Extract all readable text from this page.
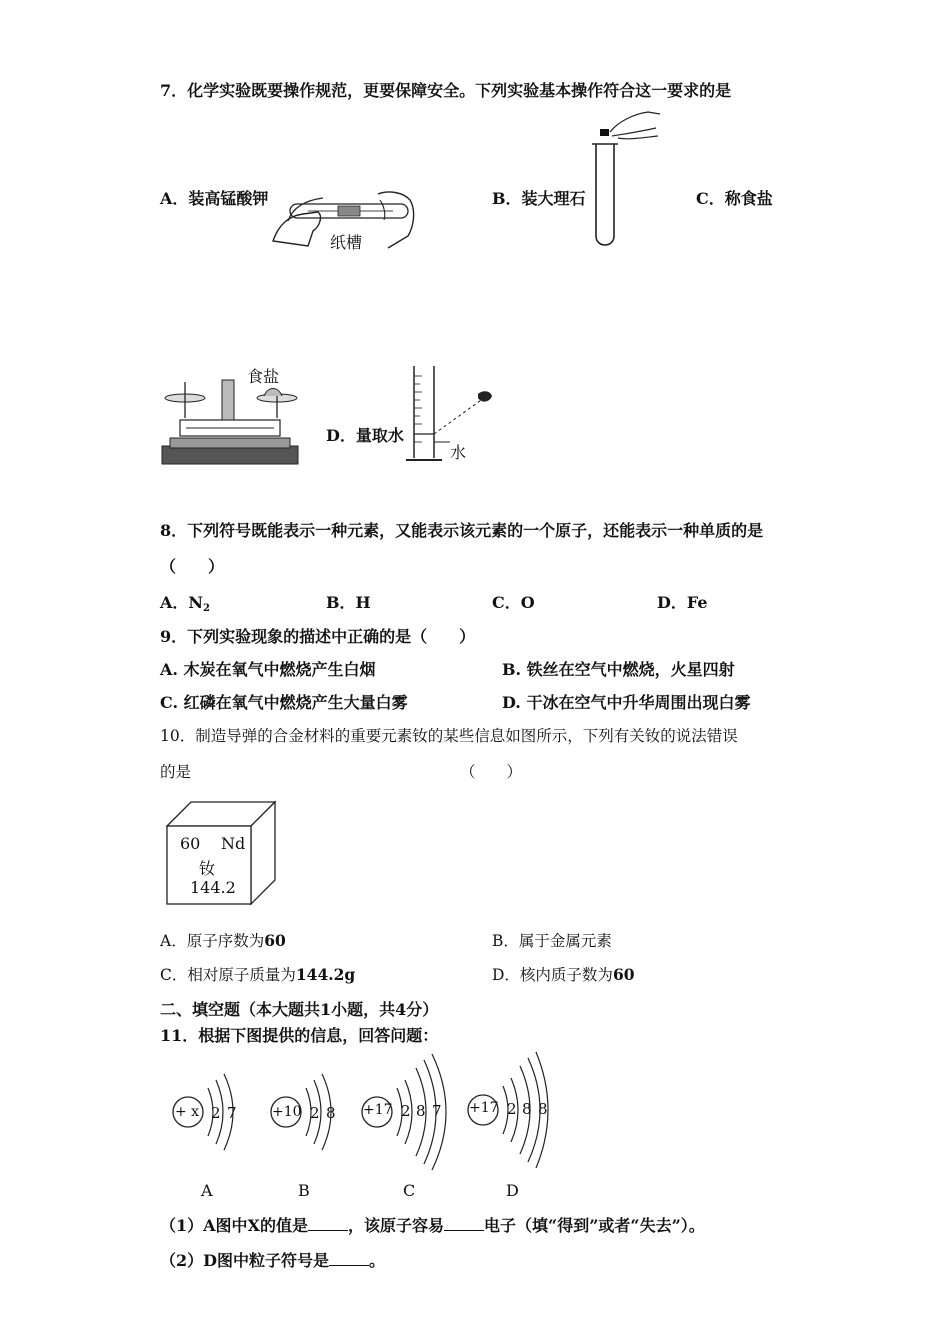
7．化学实验既要操作规范，更要保障安全。下列实验基本操作符合这一要求的是
A．装高锰酸钾
纸槽
B．装大理石	C．称食盐
食盐
D．量取水
水
8．下列符号既能表示一种元素，又能表示该元素的一个原子，还能表示一种单质的是
（　　）
A．$N_2$	B．H	C．O	D．Fe
9．下列实验现象的描述中正确的是（　　）
A. 木炭在氧气中燃烧产生白烟	B. 铁丝在空气中燃烧，火星四射
C. 红磷在氧气中燃烧产生大量白雾	D. 干冰在空气中升华周围出现白雾
10．制造导弹的合金材料的重要元素钕的某些信息如图所示，下列有关钕的说法错误
的是	（　　）
60 Nd
钕
144.2
A．原子序数为60	B．属于金属元素
C．相对原子质量为144.2g	D．核内质子数为60
二、填空题（本大题共1小题，共4分）
11．根据下图提供的信息，回答问题：
+ x 2 7
A
+10 2 8
B
+17 2 8 7
C
+17 2 8 8
D
（1）A图中X的值是	，该原子容易	电子（填“得到”或者“失去”）。
（2）D图中粒子符号是	。
